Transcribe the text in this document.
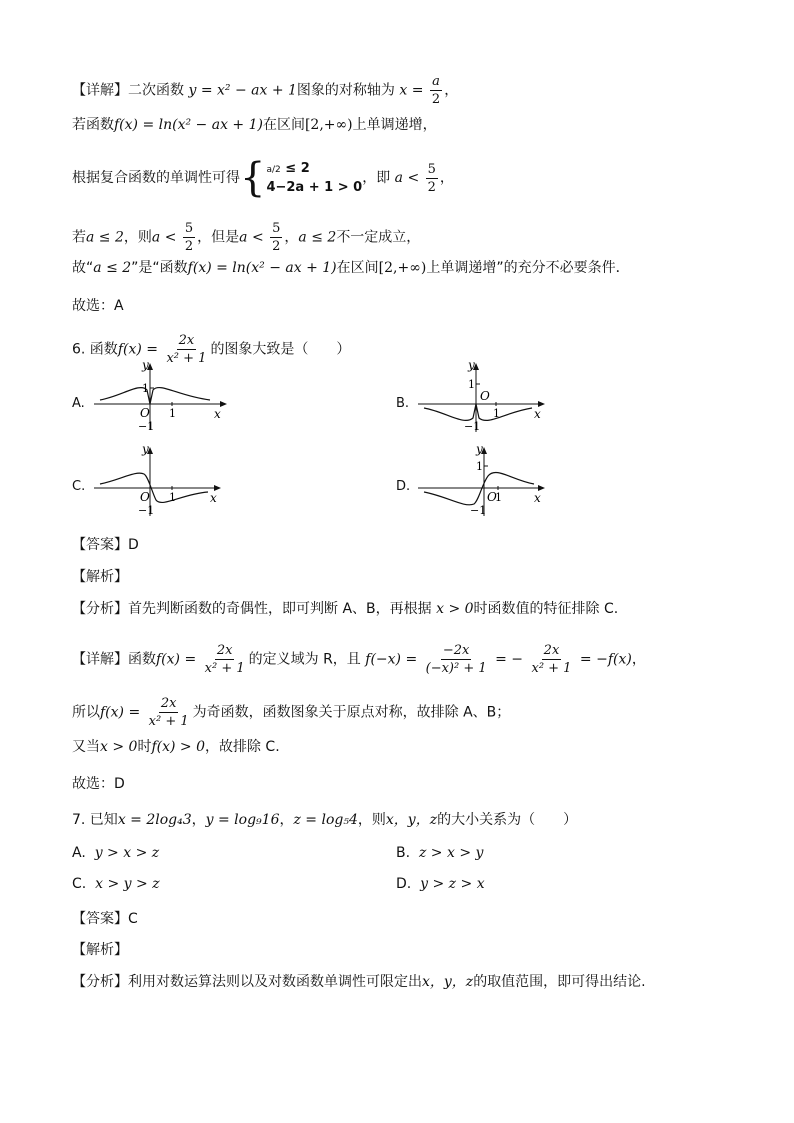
【详解】二次函数 y = x² − ax + 1图象的对称轴为 $x = \frac{a}{2}$ ，
若函数f(x) = ln(x² − ax + 1)在区间[2,+∞)上单调递增，
根据复合函数的单调性可得 { a/2 ≤ 2
4−2a + 1 > 0
，即 $a < \frac{5}{2}$ ，
若a ≤ 2，则$a < \frac{5}{2}$ ，但是$a < \frac{5}{2}$ ，a ≤ 2不一定成立，
故“a ≤ 2”是“函数f(x) = ln(x² − ax + 1)在区间[2,+∞)上单调递增”的充分不必要条件．
故选：A
6. 函数$f(x) = \frac{2x}{\text{x² + 1}}$ 的图象大致是（　　）
A.	B.
C.	D.
y
x
O 1
1
−1
y
x
O
1
1
−1
y
x
O 1
−1
y
x
O
1
1
−1
【答案】D
【解析】
【分析】首先判断函数的奇偶性，即可判断 A、B，再根据 x > 0时函数值的特征排除 C.
【详解】函数$f(x) = \frac{2x}{\text{x² + 1}}$ 的定义域为 R，且 $f(-x) = \frac{-2x}{\text{(−x)² + 1}}$ = − $\frac{2x}{\text{x² + 1}} = -f(x)$，
所以$f(x) = \frac{2x}{\text{x² + 1}}$ 为奇函数，函数图象关于原点对称，故排除 A、B；
又当x > 0时f(x) > 0，故排除 C.
故选：D
7. 已知x = 2log₄3，y = log₉16，z = log₅4，则x，y，z的大小关系为（　　）
A. y > x > z	B. z > x > y
C. x > y > z	D. y > z > x
【答案】C
【解析】
【分析】利用对数运算法则以及对数函数单调性可限定出x，y，z的取值范围，即可得出结论.
